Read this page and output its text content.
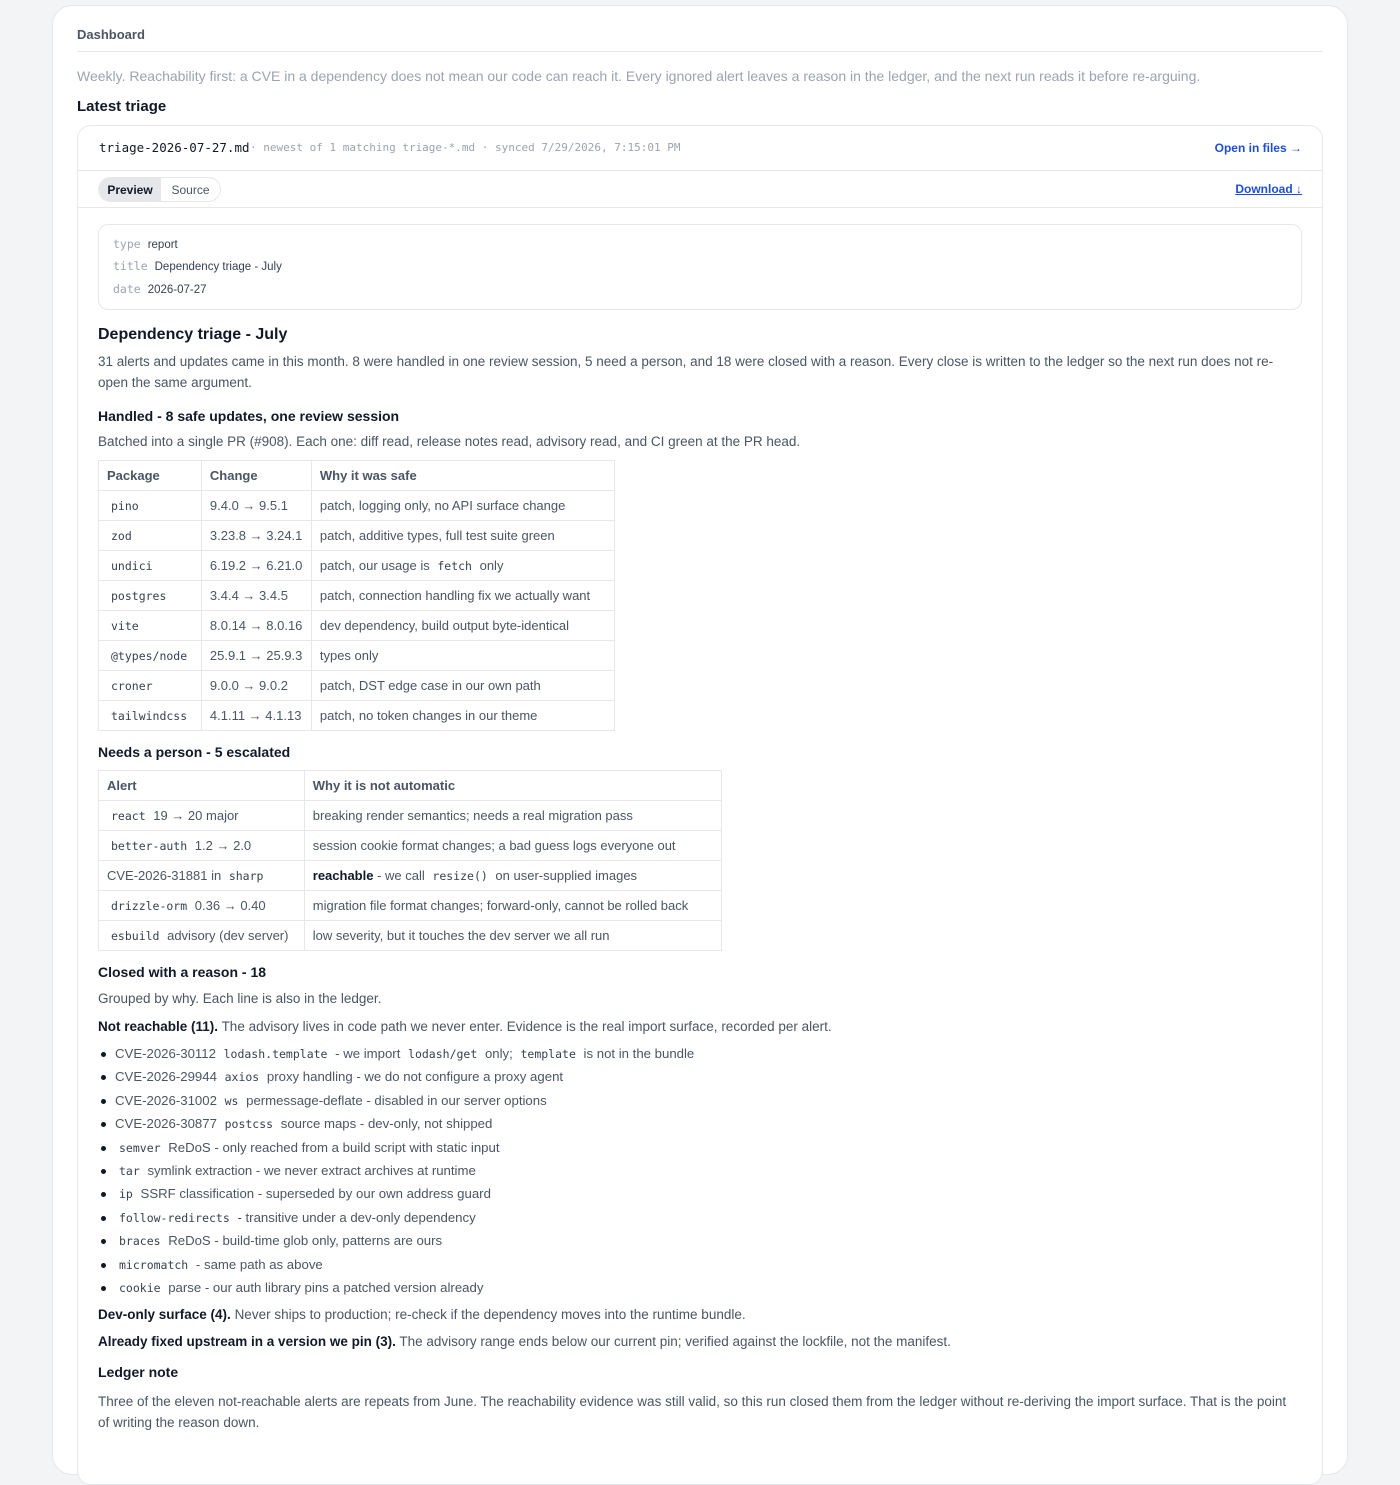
Dashboard
Weekly. Reachability first: a CVE in a dependency does not mean our code can reach it. Every ignored alert leaves a reason in the ledger, and the next run reads it before re-arguing.
Latest triage
triage-2026-07-27.md · newest of 1 matching triage-*.md · synced 7/29/2026, 7:15:01 PM	Open in files →
Preview	Source	Download ↓
type report
title Dependency triage - July
date 2026-07-27
Dependency triage - July
31 alerts and updates came in this month. 8 were handled in one review session, 5 need a person, and 18 were closed with a reason. Every close is written to the ledger so the next run does not re-open the same argument.
Handled - 8 safe updates, one review session
Batched into a single PR (#908). Each one: diff read, release notes read, advisory read, and CI green at the PR head.
Package	Change	Why it was safe
pino	9.4.0 → 9.5.1	patch, logging only, no API surface change
zod	3.23.8 → 3.24.1	patch, additive types, full test suite green
undici	6.19.2 → 6.21.0	patch, our usage is fetch only
postgres	3.4.4 → 3.4.5	patch, connection handling fix we actually want
vite	8.0.14 → 8.0.16	dev dependency, build output byte-identical
@types/node	25.9.1 → 25.9.3	types only
croner	9.0.0 → 9.0.2	patch, DST edge case in our own path
tailwindcss	4.1.11 → 4.1.13	patch, no token changes in our theme
Needs a person - 5 escalated
Alert	Why it is not automatic
react 19 → 20 major	breaking render semantics; needs a real migration pass
better-auth 1.2 → 2.0	session cookie format changes; a bad guess logs everyone out
CVE-2026-31881 in sharp	reachable - we call resize() on user-supplied images
drizzle-orm 0.36 → 0.40	migration file format changes; forward-only, cannot be rolled back
esbuild advisory (dev server)	low severity, but it touches the dev server we all run
Closed with a reason - 18
Grouped by why. Each line is also in the ledger.
Not reachable (11). The advisory lives in code path we never enter. Evidence is the real import surface, recorded per alert.
CVE-2026-30112 lodash.template - we import lodash/get only; template is not in the bundle
CVE-2026-29944 axios proxy handling - we do not configure a proxy agent
CVE-2026-31002 ws permessage-deflate - disabled in our server options
CVE-2026-30877 postcss source maps - dev-only, not shipped
semver ReDoS - only reached from a build script with static input
tar symlink extraction - we never extract archives at runtime
ip SSRF classification - superseded by our own address guard
follow-redirects - transitive under a dev-only dependency
braces ReDoS - build-time glob only, patterns are ours
micromatch - same path as above
cookie parse - our auth library pins a patched version already
Dev-only surface (4). Never ships to production; re-check if the dependency moves into the runtime bundle.
Already fixed upstream in a version we pin (3). The advisory range ends below our current pin; verified against the lockfile, not the manifest.
Ledger note
Three of the eleven not-reachable alerts are repeats from June. The reachability evidence was still valid, so this run closed them from the ledger without re-deriving the import surface. That is the point of writing the reason down.
